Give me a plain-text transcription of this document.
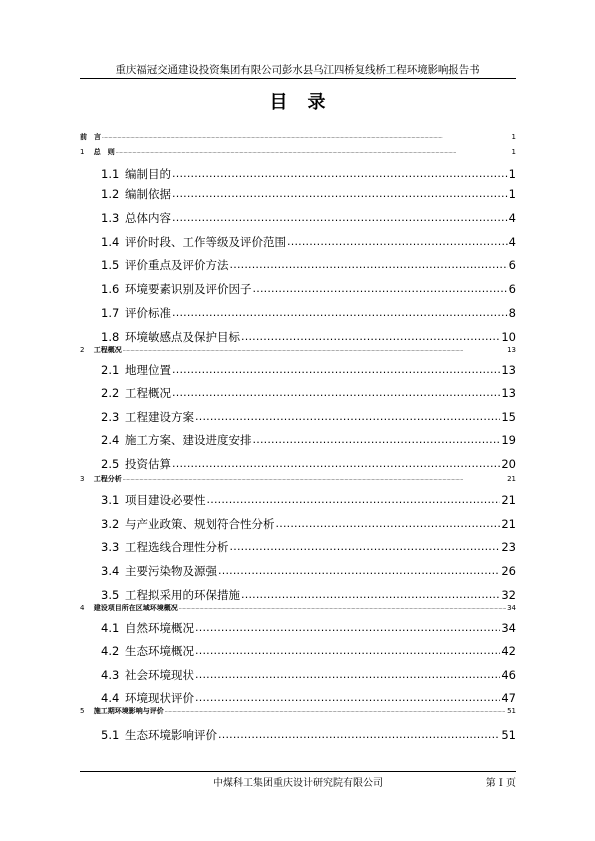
重庆福冠交通建设投资集团有限公司彭水县乌江四桥复线桥工程环境影响报告书
目录
前  言 .....	1
1  总　则 .....	1
1.1  编制目的 .....	1
1.2  编制依据 .....	1
1.3  总体内容 .....	4
1.4  评价时段、工作等级及评价范围 .....	4
1.5  评价重点及评价方法 .....	6
1.6  环境要素识别及评价因子 .....	6
1.7  评价标准 .....	8
1.8  环境敏感点及保护目标 .....	10
2  工程概况 .....	13
2.1  地理位置 .....	13
2.2  工程概况 .....	13
2.3  工程建设方案 .....	15
2.4  施工方案、建设进度安排 .....	19
2.5  投资估算 .....	20
3  工程分析 .....	21
3.1  项目建设必要性 .....	21
3.2  与产业政策、规划符合性分析 .....	21
3.3  工程选线合理性分析 .....	23
3.4  主要污染物及源强 .....	26
3.5  工程拟采用的环保措施 .....	32
4  建设项目所在区域环境概况 .....	34
4.1  自然环境概况 .....	34
4.2  生态环境概况 .....	42
4.3  社会环境现状 .....	46
4.4  环境现状评价 .....	47
5  施工期环境影响与评价 .....	51
5.1  生态环境影响评价 .....	51
中煤科工集团重庆设计研究院有限公司	第 I 页
